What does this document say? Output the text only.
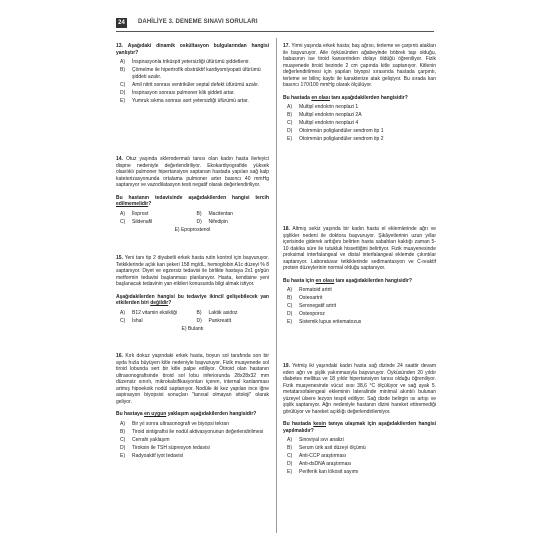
24	DAHİLİYE 3. DENEME SINAVI SORULARI
13. Aşağıdaki dinamik oskültasyon bulgularından hangisi yanlıştır?
A)	İnspirasyonla triküspit yetersizliği üfürümü şiddetlenir.
B)	Çömelme ile hipertrofik obstrüktif kardiyomiyopati üfürümü şiddeti azalır.
C)	Amil nitrit sonrası ventriküler septal defekt üfürümü azalır.
D)	İnspirasyon sonrası pulmoner klik şiddeti artar.
E)	Yumruk sıkma sonrası aort yetersizliği üfürümü artar.
14. Otuz yaşında sklerodermalı tanısı olan kadın hasta ilerleyici dispne nedeniyle değerlendiriliyor. Ekokardiyografide yüksek olasılıklı pulmoner hipertansiyon saptanan hastada yapılan sağ kalp kateterizasyonunda ortalama pulmoner arter basıncı 40 mmHg saptanıyor ve vazodilatasyon testi negatif olarak değerlendiriliyor.
Bu hastanın tedavisinde aşağıdakilerden hangisi tercih edilmemelidir?
A)	İloprost	B)	Macitentan
C)	Sildenafil	D)	Nifedipin
E) Epoprostenol
15. Yeni tanı tip 2 diyabetli erkek hasta rutin kontrol için başvuruyor. Tetkiklerinde açlık kan şekeri 158 mg/dL, hemoglobin A1c düzeyi % 8 saptanıyor. Diyet ve egzersiz tedavisi ile birlikte hastaya 2x1 gr/gün metformin tedavisi başlanması planlanıyor. Hasta, kendisine yeni başlanacak tedavinin yan etkileri konusunda bilgi almak istiyor.
Aşağıdakilerden hangisi bu tedaviye ikincil gelişebilecek yan etkilerden biri değildir?
A)	B12 vitamin eksikliği	B)	Laktik asidoz
C)	İshal	D)	Pankreatit
E) Bulantı
16. Kırk dokuz yaşındaki erkek hasta, boyun sol tarafında son bir ayda hızla büyüyen kitle nedeniyle başvuruyor. Fizik muayenede sol tiroid lobunda sert bir kitle palpe ediliyor. Ötiroid olan hastanın ultrasonografisinde tiroid sol lobu inferiorunda 28x28x32 mm düzensiz sınırlı, mikrokalsifikasyonları içeren, internal kanlanması artmış hipoekoik nodül saptanıyor. Nodüle iki kez yapılan ince iğne aspirasyon biyopsisi sonuçları "tanısal olmayan sitoloji" olarak geliyor.
Bu hastaya en uygun yaklaşım aşağıdakilerden hangisidir?
A)	Bir yıl sonra ultrasonografi ve biyopsi tekrarı
B)	Tiroid sintigrafisi ile nodül aktivasyonunun değerlendirilmesi
C)	Cerrahi yaklaşım
D)	Tiroksin ile TSH süpresyon tedavisi
E)	Radyoaktif iyot tedavisi
17. Yirmi yaşında erkek hasta; baş ağrısı, terleme ve çarpıntı atakları ile başvuruyor. Aile öyküsünden ağabeyinde böbrek taşı olduğu, babasının ise tiroid kanserinden dolayı öldüğü öğreniliyor. Fizik muayenede tiroid bezinde 2 cm çapında kitle saptanıyor. Kitlenin değerlendirilmesi için yapılan biyopsi sırasında hastada çarpıntı, terleme ve bilinç kaybı ile karakterize atak gelişiyor. Bu sırada kan basıncı 170/100 mmHg olarak ölçülüyor.
Bu hastada en olası tanı aşağıdakilerden hangisidir?
A)	Multipl endokrin neoplazi 1
B)	Multipl endokrin neoplazi 2A
C)	Multipl endokrin neoplazi 4
D)	Otoimmün poliglandüler sendrom tip 1
E)	Otoimmün poliglandüler sendrom tip 2
18. Altmış sekiz yaşında bir kadın hasta el eklemlerinde ağrı ve şişlikler nedeni ile doktora başvuruyor. Şikâyetlerinin uzun yıllar içerisinde giderek arttığını belirten hasta sabahları kaktığı zaman 5-10 dakika süre ile tutukluk hissettiğini belirtiyor. Fizik muayenesinde proksimal interfalangeal ve distal interfalangeal eklemde çıkıntılar saptanıyor. Laboratuvar tetkiklerinde sedimantasyon ve C-reaktif protein düzeylerinin normal olduğu saptanıyor.
Bu hasta için en olası tanı aşağıdakilerden hangisidir?
A)	Romatoid artrit
B)	Osteoartrit
C)	Seronegatif artrit
D)	Osteoporoz
E)	Sistemik lupus eritematozus
19. Yetmiş iki yaşındaki kadın hasta sağ dizinde 24 saattir devam eden ağrı ve şişlik yakınmasıyla başvuruyor. Öyküsünden 20 yıldır diabetes mellitus ve 18 yıldır hipertansiyon tanısı olduğu öğreniliyor. Fizik muayenesinde vücut ısısı 38,6 °C ölçülüyor ve sağ ayak 5. metatarsofalengeal ekleminin lateralinde minimal akıntılı bulunan yüzeyel ülsere lezyon tespit ediliyor. Sağ dizde belirgin ısı artışı ve şişlik saptanıyor. Ağrı nedeniyle hastanın dizini hareket ettiremediği görülüyor ve hareket açıklığı değerlendirilemiyor.
Bu hastada kesin tanıya ulaşmak için aşağıdakilerden hangisi yapılmalıdır?
A)	Sinoviyal sıvı analizi
B)	Serum ürik asit düzeyi ölçümü
C)	Anti-CCP araştırması
D)	Anti-dsDNA araştırması
E)	Periferik kan lökosit sayımı
